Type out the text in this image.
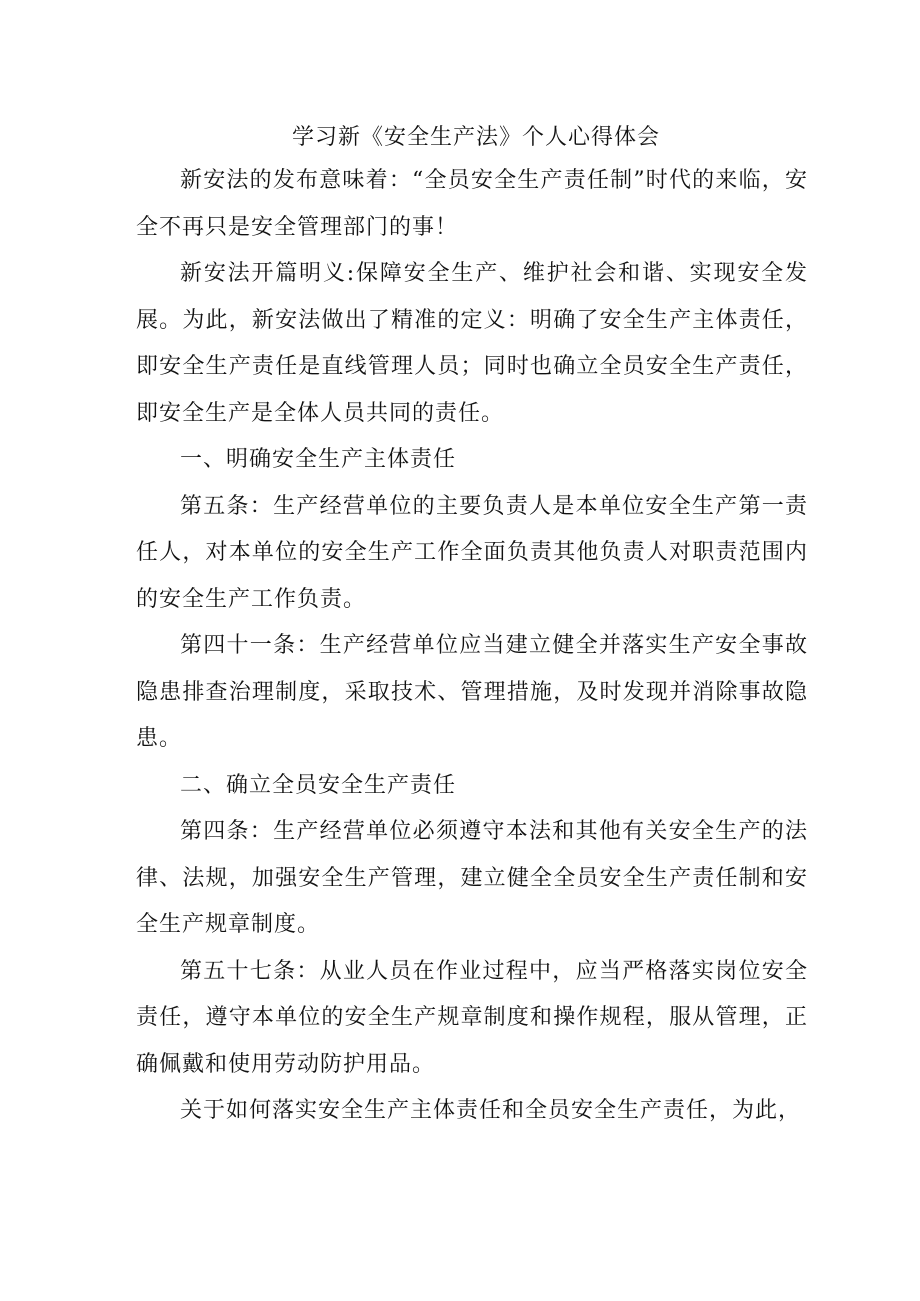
学习新《安全生产法》个人心得体会

新安法的发布意味着：“全员安全生产责任制”时代的来临，安全不再只是安全管理部门的事！

新安法开篇明义:保障安全生产、维护社会和谐、实现安全发展。为此，新安法做出了精准的定义：明确了安全生产主体责任，即安全生产责任是直线管理人员；同时也确立全员安全生产责任，即安全生产是全体人员共同的责任。

一、明确安全生产主体责任

第五条：生产经营单位的主要负责人是本单位安全生产第一责任人，对本单位的安全生产工作全面负责其他负责人对职责范围内的安全生产工作负责。

第四十一条：生产经营单位应当建立健全并落实生产安全事故隐患排查治理制度，采取技术、管理措施，及时发现并消除事故隐患。

二、确立全员安全生产责任

第四条：生产经营单位必须遵守本法和其他有关安全生产的法律、法规，加强安全生产管理，建立健全全员安全生产责任制和安全生产规章制度。

第五十七条：从业人员在作业过程中，应当严格落实岗位安全责任，遵守本单位的安全生产规章制度和操作规程，服从管理，正确佩戴和使用劳动防护用品。

关于如何落实安全生产主体责任和全员安全生产责任，为此，
